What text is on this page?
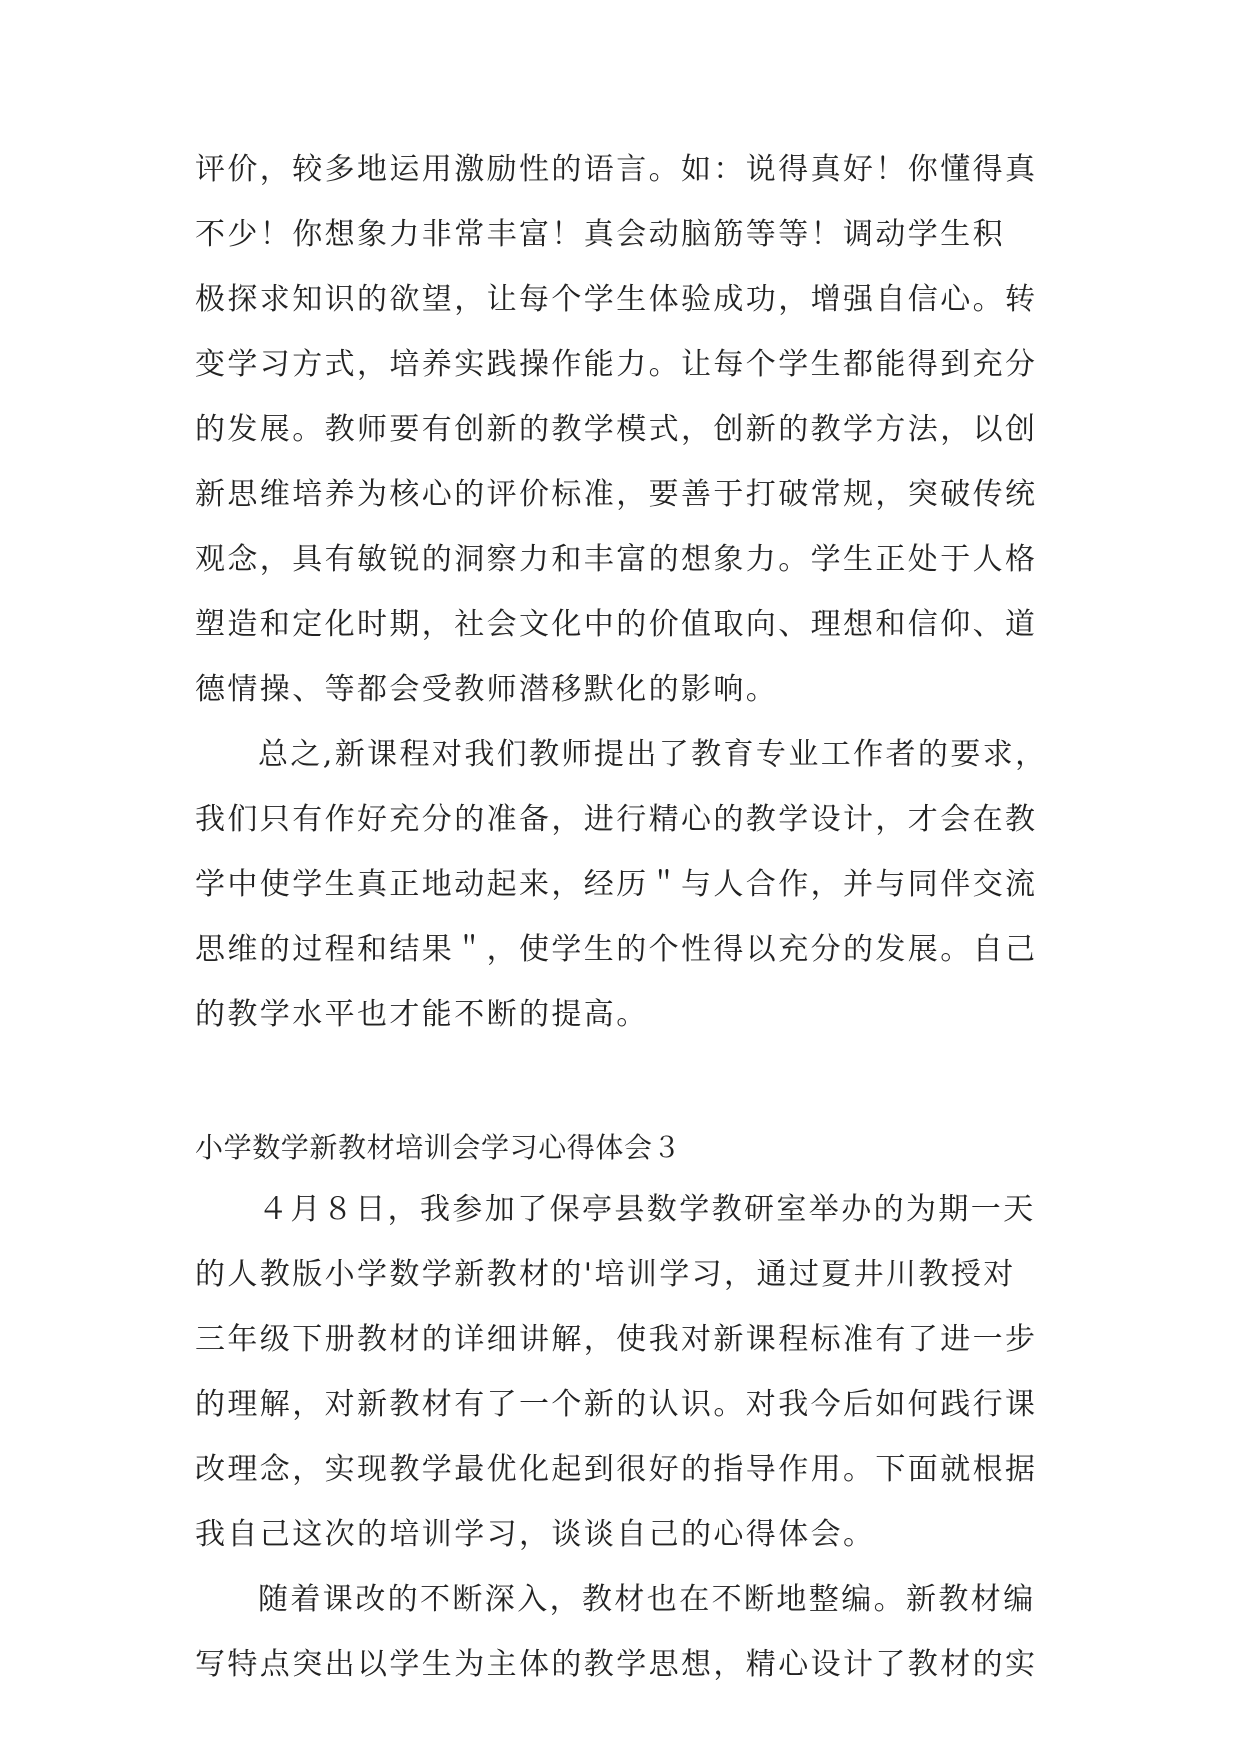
评价，较多地运用激励性的语言。如：说得真好！你懂得真
不少！你想象力非常丰富！真会动脑筋等等！调动学生积
极探求知识的欲望，让每个学生体验成功，增强自信心。转
变学习方式，培养实践操作能力。让每个学生都能得到充分
的发展。教师要有创新的教学模式，创新的教学方法，以创
新思维培养为核心的评价标准，要善于打破常规，突破传统
观念，具有敏锐的洞察力和丰富的想象力。学生正处于人格
塑造和定化时期，社会文化中的价值取向、理想和信仰、道
德情操、等都会受教师潜移默化的影响。
总之,新课程对我们教师提出了教育专业工作者的要求，
我们只有作好充分的准备，进行精心的教学设计，才会在教
学中使学生真正地动起来，经历＂与人合作，并与同伴交流
思维的过程和结果＂，使学生的个性得以充分的发展。自己
的教学水平也才能不断的提高。
小学数学新教材培训会学习心得体会３
４月８日，我参加了保亭县数学教研室举办的为期一天
的人教版小学数学新教材的'培训学习，通过夏井川教授对
三年级下册教材的详细讲解，使我对新课程标准有了进一步
的理解，对新教材有了一个新的认识。对我今后如何践行课
改理念，实现教学最优化起到很好的指导作用。下面就根据
我自己这次的培训学习，谈谈自己的心得体会。
随着课改的不断深入，教材也在不断地整编。新教材编
写特点突出以学生为主体的教学思想，精心设计了教材的实
